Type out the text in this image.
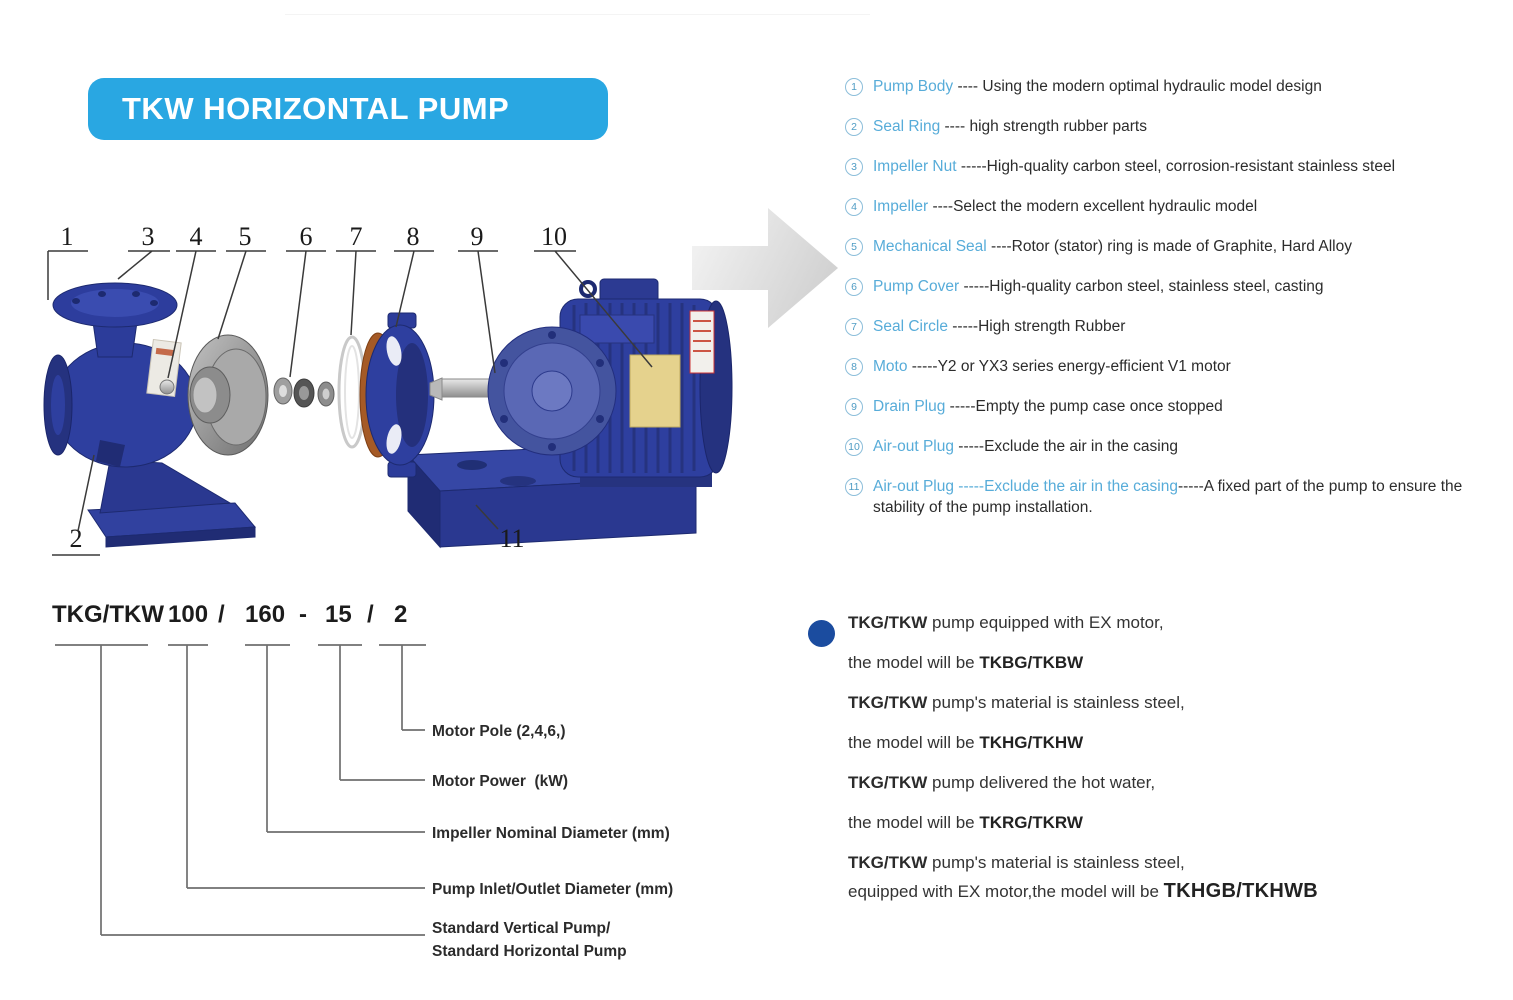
TKW HORIZONTAL PUMP
1	3 4 5 6 7 8 9 10
2	11
1	Pump Body ---- Using the modern optimal hydraulic model design
2	Seal Ring ---- high strength rubber parts
3	Impeller Nut -----High-quality carbon steel, corrosion-resistant stainless steel
4	Impeller ----Select the modern excellent hydraulic model
5	Mechanical Seal ----Rotor (stator) ring is made of Graphite, Hard Alloy
6	Pump Cover -----High-quality carbon steel, stainless steel, casting
7	Seal Circle -----High strength Rubber
8	Moto -----Y2 or YX3 series energy-efficient V1 motor
9	Drain Plug -----Empty the pump case once stopped
10 Air-out Plug -----Exclude the air in the casing
11 Air-out Plug -----Exclude the air in the casing-----A fixed part of the pump to ensure the stability of the pump installation.
TKG/TKW 100 / 160 - 15 / 2
Motor Pole (2,4,6,)
Motor Power  (kW)
Impeller Nominal Diameter (mm)
Pump Inlet/Outlet Diameter (mm)
Standard Vertical Pump/
Standard Horizontal Pump
TKG/TKW pump equipped with EX motor,
the model will be TKBG/TKBW
TKG/TKW pump's material is stainless steel,
the model will be TKHG/TKHW
TKG/TKW pump delivered the hot water,
the model will be TKRG/TKRW
TKG/TKW pump's material is stainless steel,
equipped with EX motor,the model will be TKHGB/TKHWB
